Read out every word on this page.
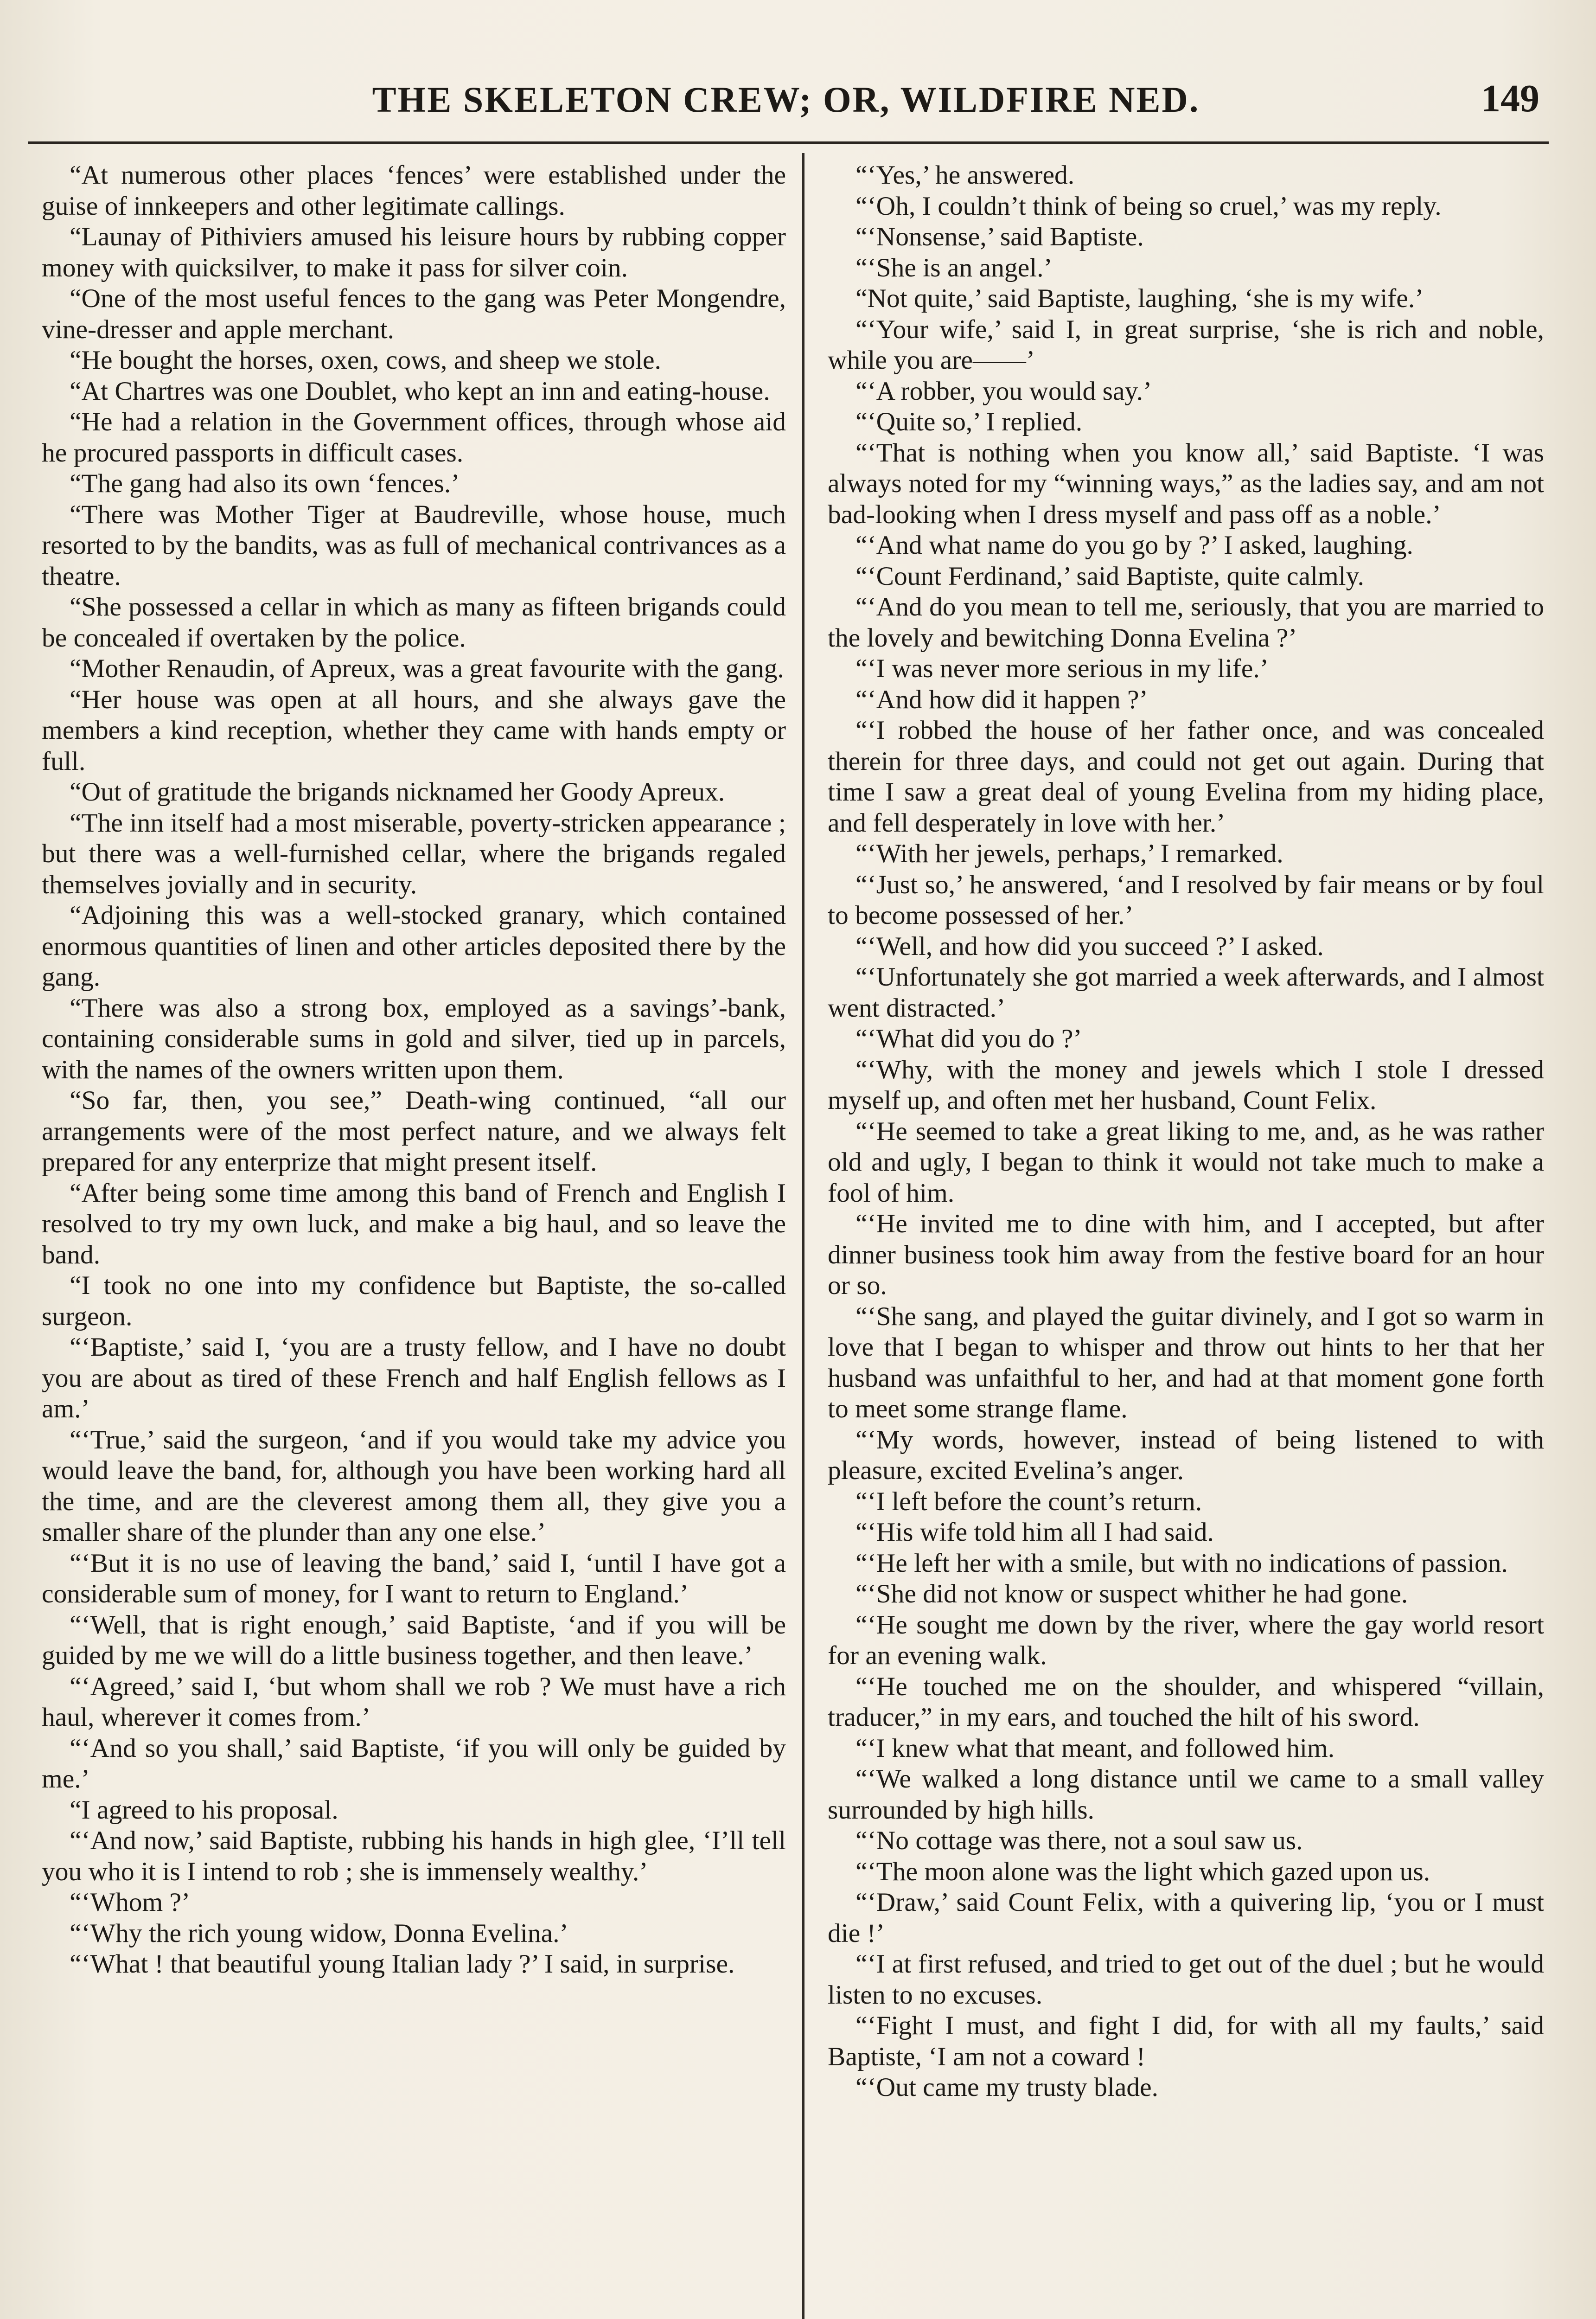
THE SKELETON CREW; OR, WILDFIRE NED.	149

“At numerous other places ‘fences’ were established under the guise of innkeepers and other legitimate callings.

“Launay of Pithiviers amused his leisure hours by rubbing copper money with quicksilver, to make it pass for silver coin.

“One of the most useful fences to the gang was Peter Mongendre, vine-dresser and apple merchant.

“He bought the horses, oxen, cows, and sheep we stole.

“At Chartres was one Doublet, who kept an inn and eating-house.

“He had a relation in the Government offices, through whose aid he procured passports in difficult cases.

“The gang had also its own ‘fences.’

“There was Mother Tiger at Baudreville, whose house, much resorted to by the bandits, was as full of mechanical contrivances as a theatre.

“She possessed a cellar in which as many as fifteen brigands could be concealed if overtaken by the police.

“Mother Renaudin, of Apreux, was a great favourite with the gang.

“Her house was open at all hours, and she always gave the members a kind reception, whether they came with hands empty or full.

“Out of gratitude the brigands nicknamed her Goody Apreux.

“The inn itself had a most miserable, poverty-stricken appearance ; but there was a well-furnished cellar, where the brigands regaled themselves jovially and in security.

“Adjoining this was a well-stocked granary, which contained enormous quantities of linen and other articles deposited there by the gang.

“There was also a strong box, employed as a savings’-bank, containing considerable sums in gold and silver, tied up in parcels, with the names of the owners written upon them.

“So far, then, you see,” Death-wing continued, “all our arrangements were of the most perfect nature, and we always felt prepared for any enterprize that might present itself.

“After being some time among this band of French and English I resolved to try my own luck, and make a big haul, and so leave the band.

“I took no one into my confidence but Baptiste, the so-called surgeon.

“‘Baptiste,’ said I, ‘you are a trusty fellow, and I have no doubt you are about as tired of these French and half English fellows as I am.’

“‘True,’ said the surgeon, ‘and if you would take my advice you would leave the band, for, although you have been working hard all the time, and are the cleverest among them all, they give you a smaller share of the plunder than any one else.’

“‘But it is no use of leaving the band,’ said I, ‘until I have got a considerable sum of money, for I want to return to England.’

“‘Well, that is right enough,’ said Baptiste, ‘and if you will be guided by me we will do a little business together, and then leave.’

“‘Agreed,’ said I, ‘but whom shall we rob ? We must have a rich haul, wherever it comes from.’

“‘And so you shall,’ said Baptiste, ‘if you will only be guided by me.’

“I agreed to his proposal.

“‘And now,’ said Baptiste, rubbing his hands in high glee, ‘I’ll tell you who it is I intend to rob ; she is immensely wealthy.’

“‘Whom ?’

“‘Why the rich young widow, Donna Evelina.’

“‘What ! that beautiful young Italian lady ?’ I said, in surprise.

“‘Yes,’ he answered.

“‘Oh, I couldn’t think of being so cruel,’ was my reply.

“‘Nonsense,’ said Baptiste.

“‘She is an angel.’

“Not quite,’ said Baptiste, laughing, ‘she is my wife.’

“‘Your wife,’ said I, in great surprise, ‘she is rich and noble, while you are——’

“‘A robber, you would say.’

“‘Quite so,’ I replied.

“‘That is nothing when you know all,’ said Baptiste. ‘I was always noted for my “winning ways,” as the ladies say, and am not bad-looking when I dress myself and pass off as a noble.’

“‘And what name do you go by ?’ I asked, laughing.

“‘Count Ferdinand,’ said Baptiste, quite calmly.

“‘And do you mean to tell me, seriously, that you are married to the lovely and bewitching Donna Evelina ?’

“‘I was never more serious in my life.’

“‘And how did it happen ?’

“‘I robbed the house of her father once, and was concealed therein for three days, and could not get out again. During that time I saw a great deal of young Evelina from my hiding place, and fell desperately in love with her.’

“‘With her jewels, perhaps,’ I remarked.

“‘Just so,’ he answered, ‘and I resolved by fair means or by foul to become possessed of her.’

“‘Well, and how did you succeed ?’ I asked.

“‘Unfortunately she got married a week afterwards, and I almost went distracted.’

“‘What did you do ?’

“‘Why, with the money and jewels which I stole I dressed myself up, and often met her husband, Count Felix.

“‘He seemed to take a great liking to me, and, as he was rather old and ugly, I began to think it would not take much to make a fool of him.

“‘He invited me to dine with him, and I accepted, but after dinner business took him away from the festive board for an hour or so.

“‘She sang, and played the guitar divinely, and I got so warm in love that I began to whisper and throw out hints to her that her husband was unfaithful to her, and had at that moment gone forth to meet some strange flame.

“‘My words, however, instead of being listened to with pleasure, excited Evelina’s anger.

“‘I left before the count’s return.

“‘His wife told him all I had said.

“‘He left her with a smile, but with no indications of passion.

“‘She did not know or suspect whither he had gone.

“‘He sought me down by the river, where the gay world resort for an evening walk.

“‘He touched me on the shoulder, and whispered “villain, traducer,” in my ears, and touched the hilt of his sword.

“‘I knew what that meant, and followed him.

“‘We walked a long distance until we came to a small valley surrounded by high hills.

“‘No cottage was there, not a soul saw us.

“‘The moon alone was the light which gazed upon us.

“‘Draw,’ said Count Felix, with a quivering lip, ‘you or I must die !’

“‘I at first refused, and tried to get out of the duel ; but he would listen to no excuses.

“‘Fight I must, and fight I did, for with all my faults,’ said Baptiste, ‘I am not a coward !

“‘Out came my trusty blade.
